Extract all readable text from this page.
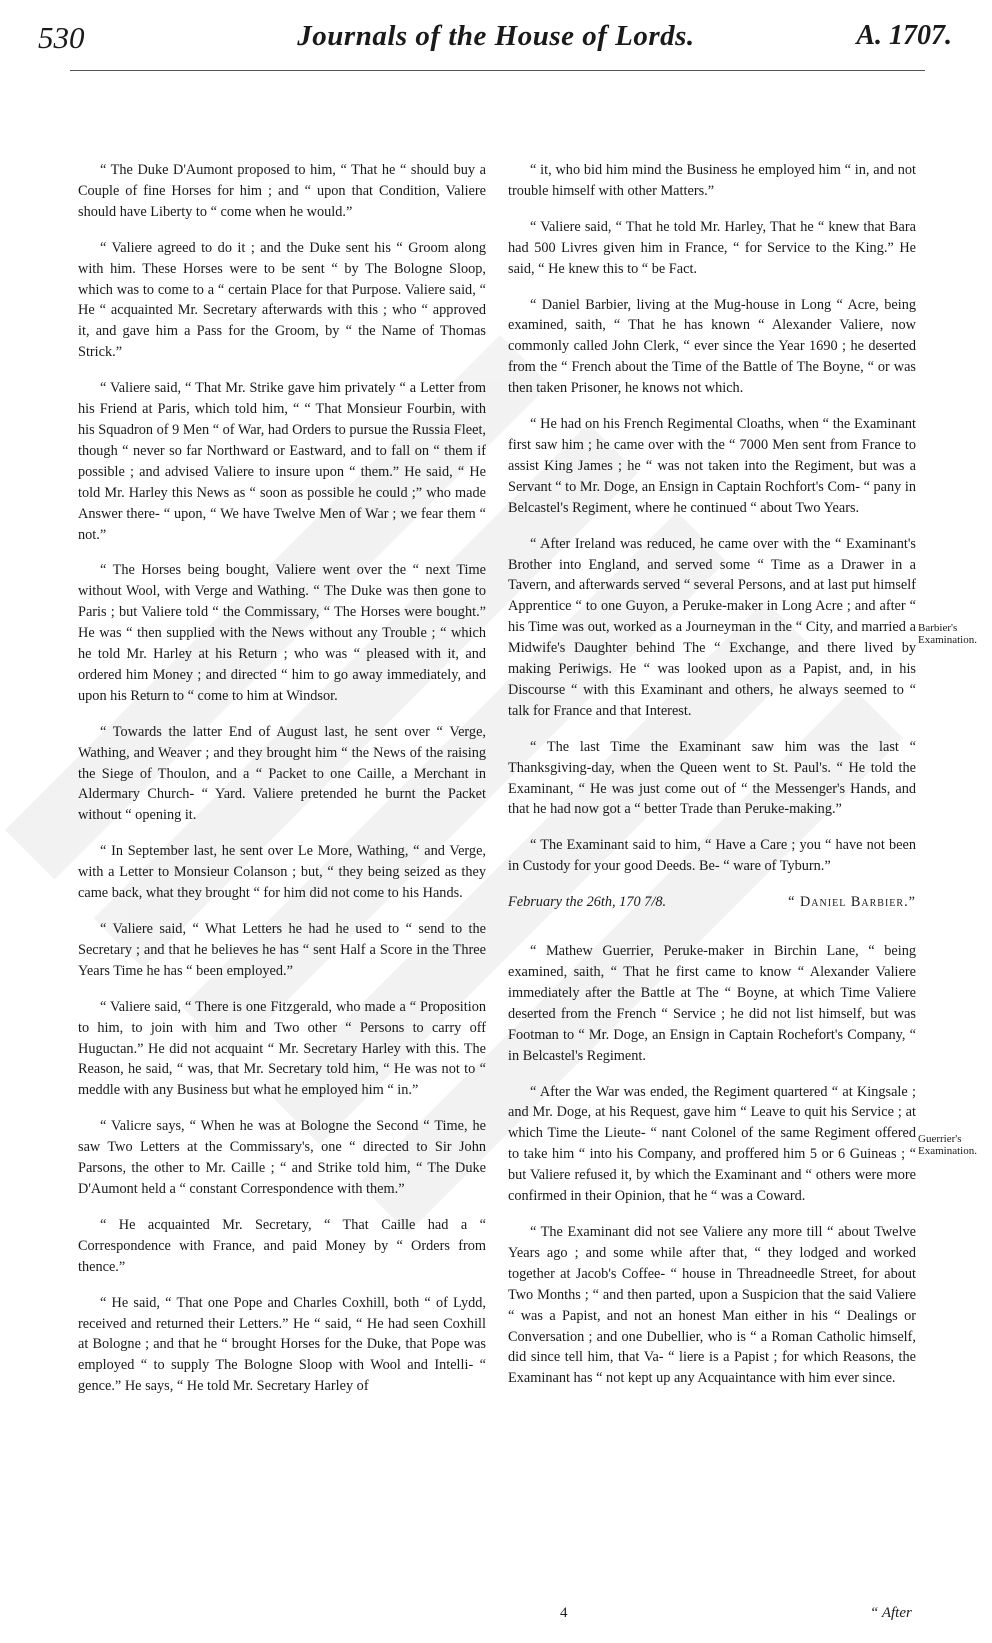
530	Journals of the House of Lords.	A. 1707.

“ The Duke D'Aumont proposed to him, “ That he “ should buy a Couple of fine Horses for him ; and “ upon that Condition, Valiere should have Liberty to “ come when he would.”

“ Valiere agreed to do it ; and the Duke sent his “ Groom along with him. These Horses were to be sent “ by The Bologne Sloop, which was to come to a “ certain Place for that Purpose. Valiere said, “ He “ acquainted Mr. Secretary afterwards with this ; who “ approved it, and gave him a Pass for the Groom, by “ the Name of Thomas Strick.”

“ Valiere said, “ That Mr. Strike gave him privately “ a Letter from his Friend at Paris, which told him, “ “ That Monsieur Fourbin, with his Squadron of 9 Men “ of War, had Orders to pursue the Russia Fleet, though “ never so far Northward or Eastward, and to fall on “ them if possible ; and advised Valiere to insure upon “ them.” He said, “ He told Mr. Harley this News as “ soon as possible he could ;” who made Answer there- “ upon, “ We have Twelve Men of War ; we fear them “ not.”

“ The Horses being bought, Valiere went over the “ next Time without Wool, with Verge and Wathing. “ The Duke was then gone to Paris ; but Valiere told “ the Commissary, “ The Horses were bought.” He was “ then supplied with the News without any Trouble ; “ which he told Mr. Harley at his Return ; who was “ pleased with it, and ordered him Money ; and directed “ him to go away immediately, and upon his Return to “ come to him at Windsor.

“ Towards the latter End of August last, he sent over “ Verge, Wathing, and Weaver ; and they brought him “ the News of the raising the Siege of Thoulon, and a “ Packet to one Caille, a Merchant in Aldermary Church- “ Yard. Valiere pretended he burnt the Packet without “ opening it.

“ In September last, he sent over Le More, Wathing, “ and Verge, with a Letter to Monsieur Colanson ; but, “ they being seized as they came back, what they brought “ for him did not come to his Hands.

“ Valiere said, “ What Letters he had he used to “ send to the Secretary ; and that he believes he has “ sent Half a Score in the Three Years Time he has “ been employed.”

“ Valiere said, “ There is one Fitzgerald, who made a “ Proposition to him, to join with him and Two other “ Persons to carry off Huguctan.” He did not acquaint “ Mr. Secretary Harley with this. The Reason, he said, “ was, that Mr. Secretary told him, “ He was not to “ meddle with any Business but what he employed him “ in.”

“ Valicre says, “ When he was at Bologne the Second “ Time, he saw Two Letters at the Commissary's, one “ directed to Sir John Parsons, the other to Mr. Caille ; “ and Strike told him, “ The Duke D'Aumont held a “ constant Correspondence with them.”

“ He acquainted Mr. Secretary, “ That Caille had a “ Correspondence with France, and paid Money by “ Orders from thence.”

“ He said, “ That one Pope and Charles Coxhill, both “ of Lydd, received and returned their Letters.” He “ said, “ He had seen Coxhill at Bologne ; and that he “ brought Horses for the Duke, that Pope was employed “ to supply The Bologne Sloop with Wool and Intelli- “ gence.” He says, “ He told Mr. Secretary Harley of

“ it, who bid him mind the Business he employed him “ in, and not trouble himself with other Matters.”

“ Valiere said, “ That he told Mr. Harley, That he “ knew that Bara had 500 Livres given him in France, “ for Service to the King.” He said, “ He knew this to “ be Fact.

“ Daniel Barbier, living at the Mug-house in Long “ Acre, being examined, saith, “ That he has known “ Alexander Valiere, now commonly called John Clerk, “ ever since the Year 1690 ; he deserted from the “ French about the Time of the Battle of The Boyne, “ or was then taken Prisoner, he knows not which.

“ He had on his French Regimental Cloaths, when “ the Examinant first saw him ; he came over with the “ 7000 Men sent from France to assist King James ; he “ was not taken into the Regiment, but was a Servant “ to Mr. Doge, an Ensign in Captain Rochfort's Com- “ pany in Belcastel's Regiment, where he continued “ about Two Years.

“ After Ireland was reduced, he came over with the “ Examinant's Brother into England, and served some “ Time as a Drawer in a Tavern, and afterwards served “ several Persons, and at last put himself Apprentice “ to one Guyon, a Peruke-maker in Long Acre ; and after “ his Time was out, worked as a Journeyman in the “ City, and married a Midwife's Daughter behind The “ Exchange, and there lived by making Periwigs. He “ was looked upon as a Papist, and, in his Discourse “ with this Examinant and others, he always seemed to “ talk for France and that Interest.

“ The last Time the Examinant saw him was the last “ Thanksgiving-day, when the Queen went to St. Paul's. “ He told the Examinant, “ He was just come out of “ the Messenger's Hands, and that he had now got a “ better Trade than Peruke-making.”

“ The Examinant said to him, “ Have a Care ; you “ have not been in Custody for your good Deeds. Be- “ ware of Tyburn.”

February the 26th, 170 7/8.	“ Daniel Barbier.”

“ Mathew Guerrier, Peruke-maker in Birchin Lane, “ being examined, saith, “ That he first came to know “ Alexander Valiere immediately after the Battle at The “ Boyne, at which Time Valiere deserted from the French “ Service ; he did not list himself, but was Footman to “ Mr. Doge, an Ensign in Captain Rochefort's Company, “ in Belcastel's Regiment.

“ After the War was ended, the Regiment quartered “ at Kingsale ; and Mr. Doge, at his Request, gave him “ Leave to quit his Service ; at which Time the Lieute- “ nant Colonel of the same Regiment offered to take him “ into his Company, and proffered him 5 or 6 Guineas ; “ but Valiere refused it, by which the Examinant and “ others were more confirmed in their Opinion, that he “ was a Coward.

“ The Examinant did not see Valiere any more till “ about Twelve Years ago ; and some while after that, “ they lodged and worked together at Jacob's Coffee- “ house in Threadneedle Street, for about Two Months ; “ and then parted, upon a Suspicion that the said Valiere “ was a Papist, and not an honest Man either in his “ Dealings or Conversation ; and one Dubellier, who is “ a Roman Catholic himself, did since tell him, that Va- “ liere is a Papist ; for which Reasons, the Examinant has “ not kept up any Acquaintance with him ever since.

Barbier's Examination.
Guerrier's Examination.
4	“ After
